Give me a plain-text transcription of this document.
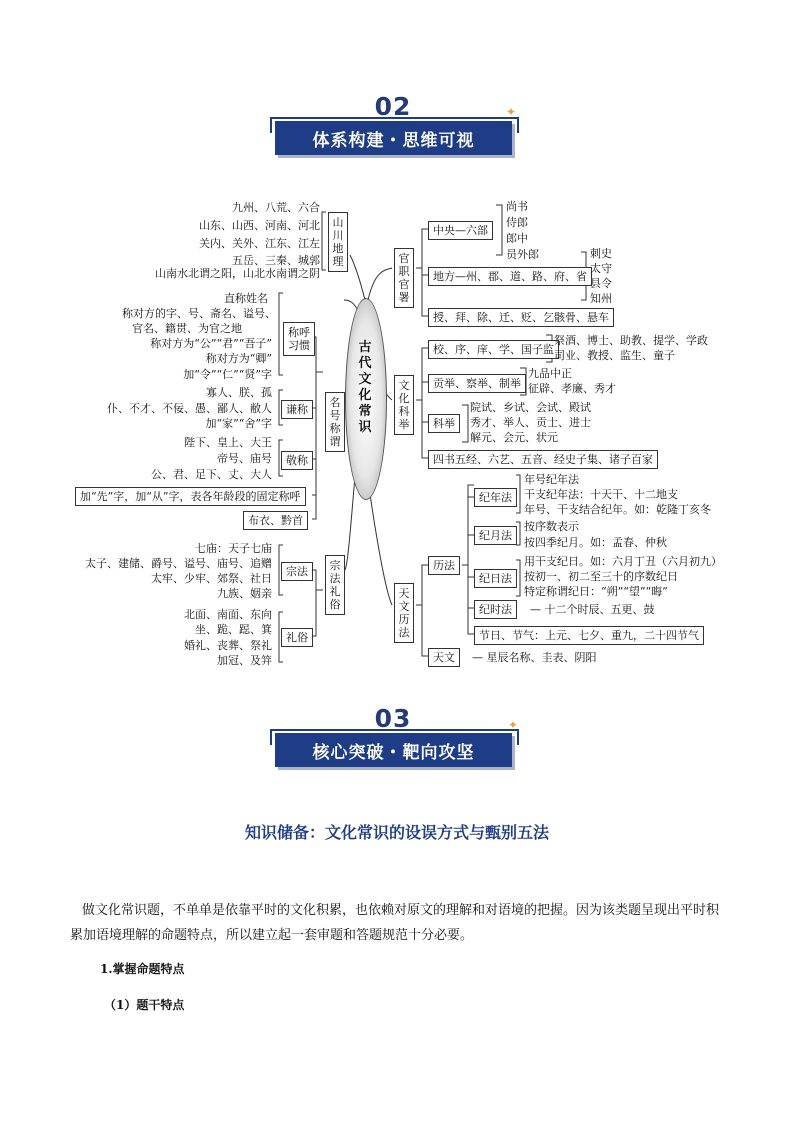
02
体系构建・思维可视
✦
古代文化常识
山川地理
九州、八荒、六合
山东、山西、河南、河北
关内、关外、江东、江左
五岳、三秦、城郭
山南水北谓之阳，山北水南谓之阴
名号称谓
称呼习惯
直称姓名
称对方的字、号、斋名、谥号、
官名、籍贯、为官之地
称对方为“公”“君”“吾子”
称对方为“卿”
加“令”“仁”“贤”字
谦称
寡人、朕、孤
仆、不才、不佞、愚、鄙人、敝人
加“家”“舍”字
敬称
陛下、皇上、大王
帝号、庙号
公、君、足下、丈、大人
加“先”字，加“从”字，表各年龄段的固定称呼
布衣、黔首
宗法礼俗
宗法
七庙：天子七庙
太子、建储、爵号、谥号、庙号、追赠
太牢、少牢、郊祭、社日
九族、姻亲
礼俗
北面、南面、东向
坐、跪、跽、箕
婚礼、丧葬、祭礼
加冠、及笄
官职官署
中央—六部
尚书
侍郎
郎中
员外郎
地方—州、郡、道、路、府、省
刺史
太守
县令
知州
授、拜、除、迁、贬、乞骸骨、悬车
文化科举
校、序、庠、学、国子监
祭酒、博士、助教、提学、学政
司业、教授、监生、童子
贡举、察举、制举
九品中正
征辟、孝廉、秀才
科举
院试、乡试、会试、殿试
秀才、举人、贡士、进士
解元、会元、状元
四书五经、六艺、五音、经史子集、诸子百家
天文历法
历法
纪年法
年号纪年法
干支纪年法：十天干、十二地支
年号、干支结合纪年。如：乾隆丁亥冬
纪月法
按序数表示
按四季纪月。如：孟春、仲秋
纪日法
用干支纪日。如：六月丁丑（六月初九）
按初一、初二至三十的序数纪日
特定称谓纪日：“朔”“望”“晦”
纪时法	— 十二个时辰、五更、鼓
节日、节气：上元、七夕、重九，二十四节气
天文	— 星辰名称、圭表、阴阳
03
核心突破・靶向攻坚
✦
知识储备：文化常识的设误方式与甄别五法
做文化常识题，不单单是依靠平时的文化积累，也依赖对原文的理解和对语境的把握。因为该类题呈现出平时积累加语境理解的命题特点，所以建立起一套审题和答题规范十分必要。
1.掌握命题特点
（1）题干特点
